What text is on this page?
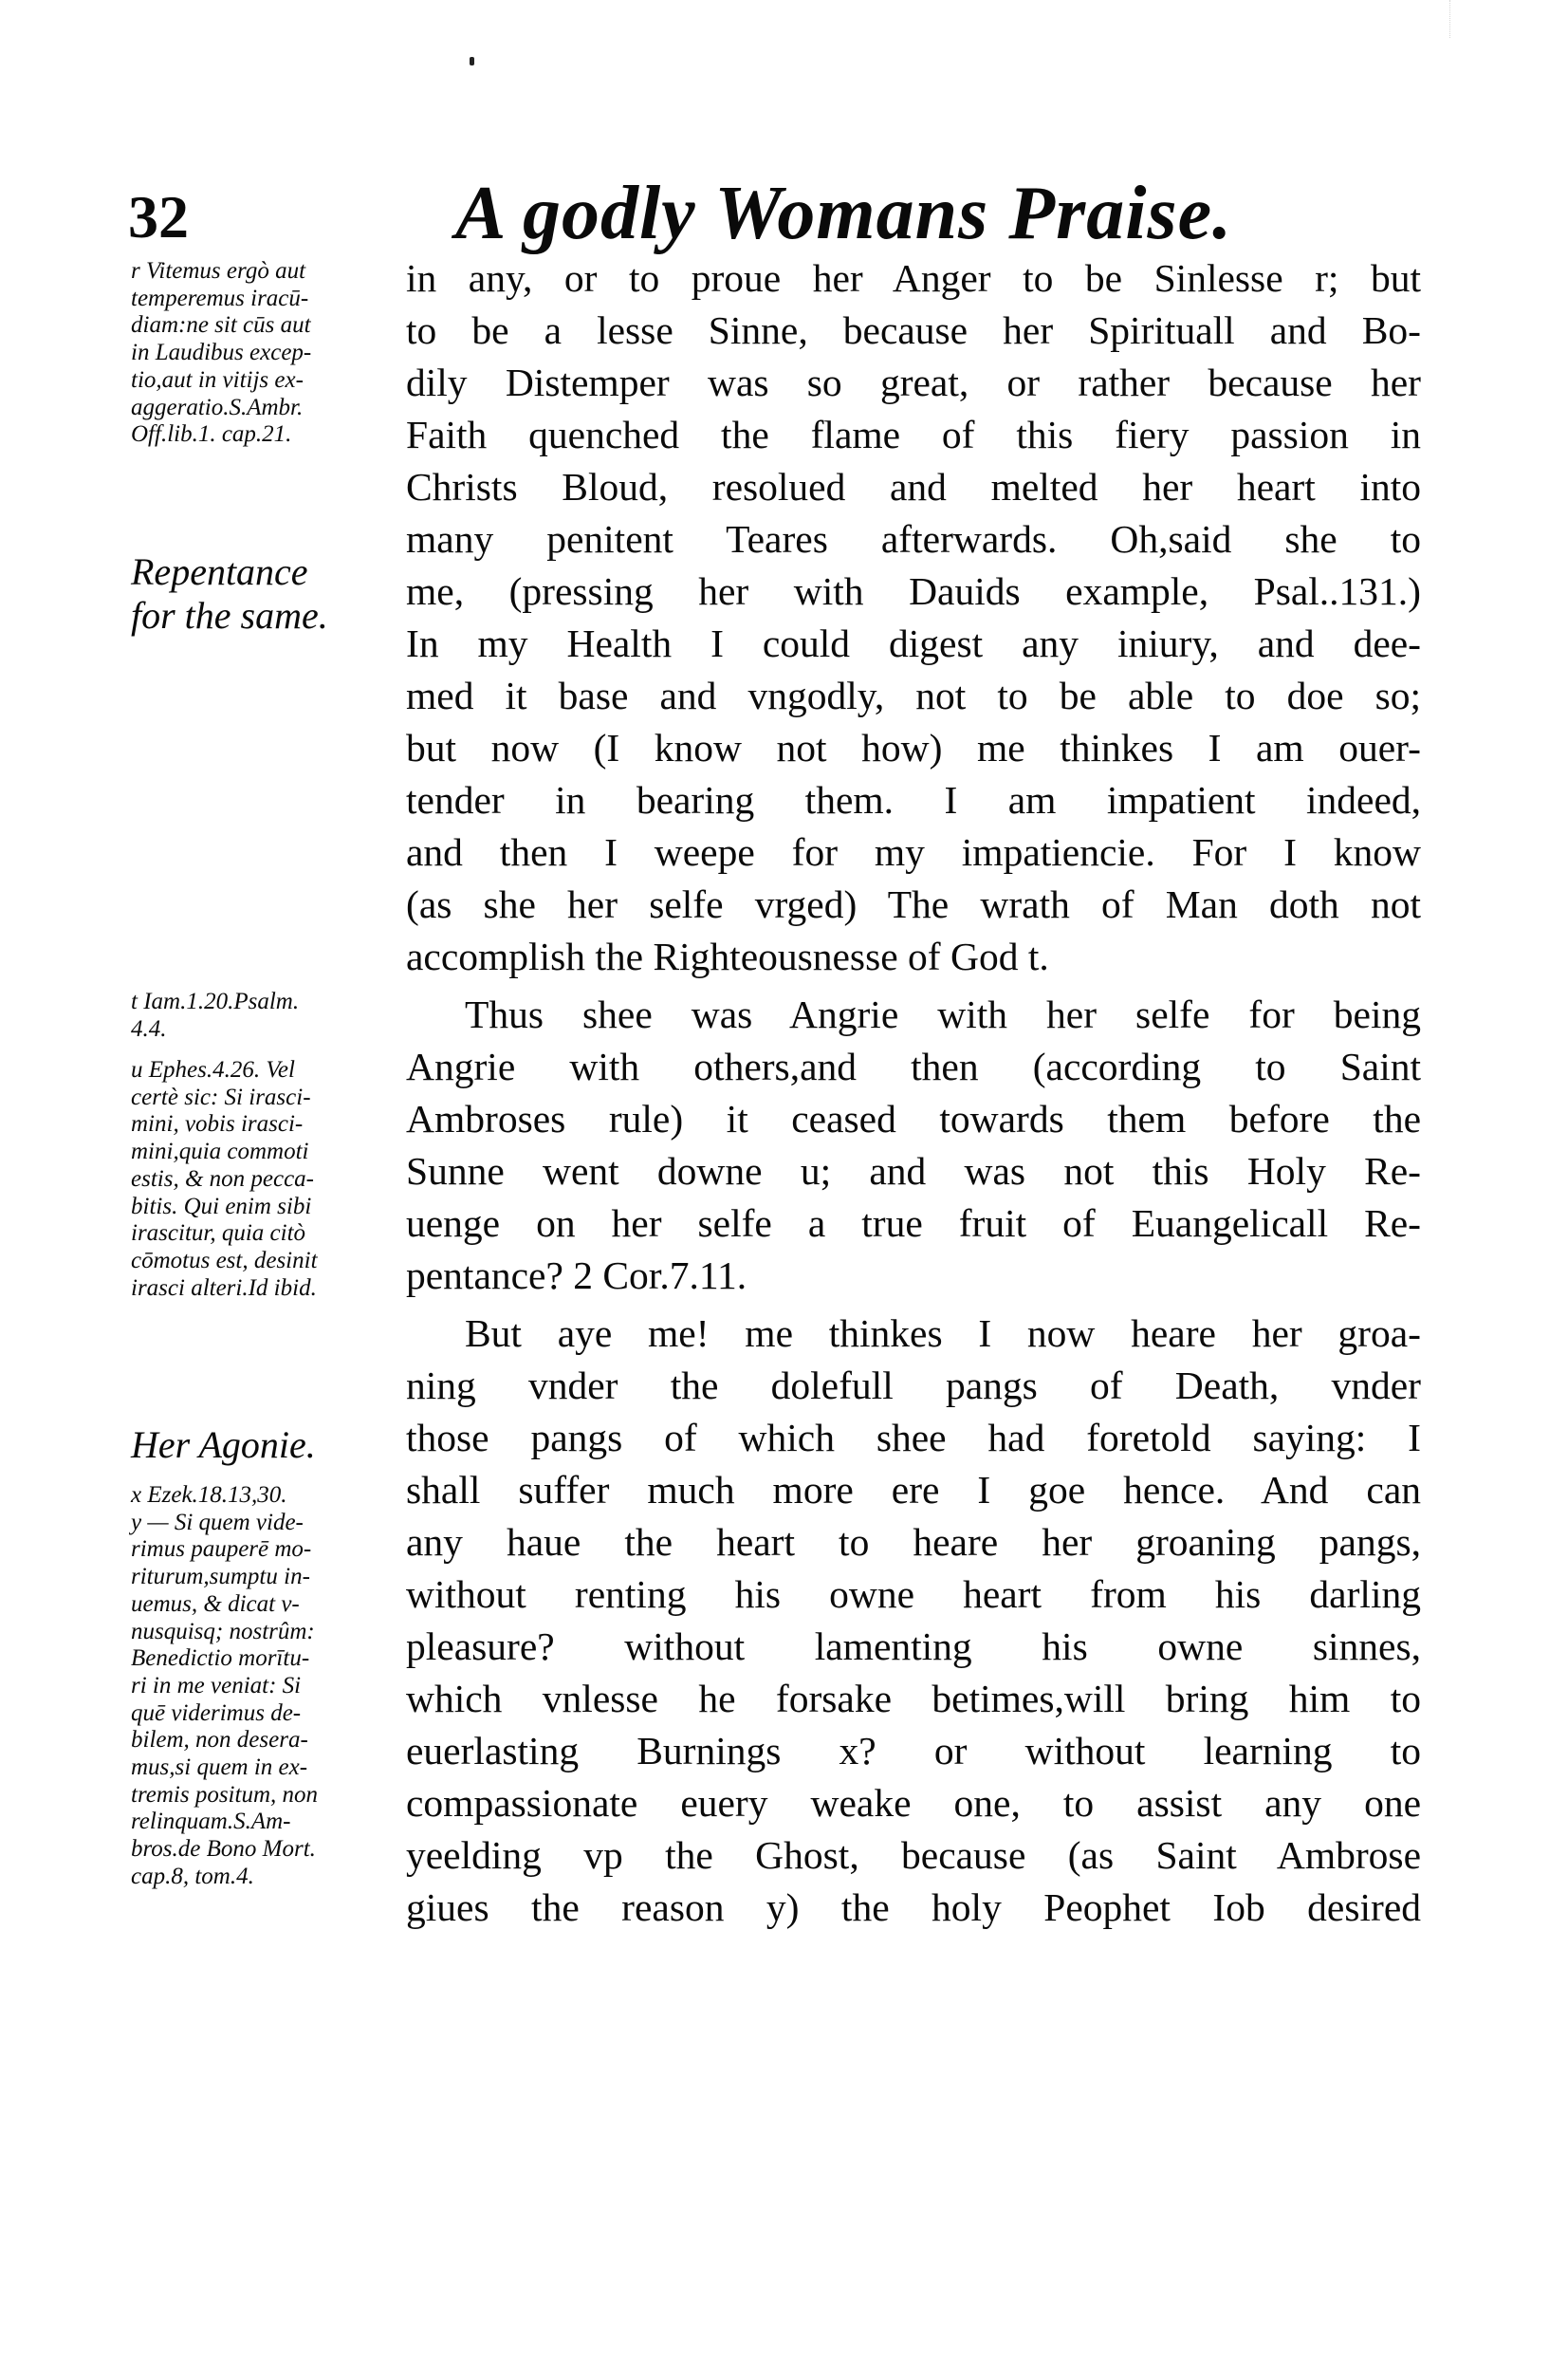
32	A godly Womans Praise.

r Vitemus ergò aut
temperemus iracū-
diam:ne sit cūs aut
in Laudibus excep-
tio,aut in vitijs ex-
aggeratio.S.Ambr.
Off.lib.1. cap.21.

Repentance
for the same.

t Iam.1.20.Psalm.
4.4.

u Ephes.4.26. Vel
certè sic: Si irasci-
mini, vobis irasci-
mini,quia commoti
estis, & non pecca-
bitis. Qui enim sibi
irascitur, quia citò
cōmotus est, desinit
irasci alteri.Id ibid.

Her Agonie.

x Ezek.18.13,30.
y — Si quem vide-
rimus pauperē mo-
riturum,sumptu in-
uemus, & dicat v-
nusquisq; nostrûm:
Benedictio morītu-
ri in me veniat: Si
quē viderimus de-
bilem, non desera-
mus,si quem in ex-
tremis positum, non
relinquam.S.Am-
bros.de Bono Mort.
cap.8, tom.4.

in any, or to proue her Anger to be Sinlesse r; but
to be a lesse Sinne, because her Spirituall and Bo-
dily Distemper was so great, or rather because her
Faith quenched the flame of this fiery passion in
Christs Bloud, resolued and melted her heart into
many penitent Teares afterwards. Oh,said she to
me, (pressing her with Dauids example, Psal..131.)
In my Health I could digest any iniury, and dee-
med it base and vngodly, not to be able to doe so;
but now (I know not how) me thinkes I am ouer-
tender in bearing them. I am impatient indeed,
and then I weepe for my impatiencie. For I know
(as she her selfe vrged) The wrath of Man doth not
accomplish the Righteousnesse of God t.
Thus shee was Angrie with her selfe for being
Angrie with others,and then (according to Saint
Ambroses rule) it ceased towards them before the
Sunne went downe u; and was not this Holy Re-
uenge on her selfe a true fruit of Euangelicall Re-
pentance? 2 Cor.7.11.
But aye me! me thinkes I now heare her groa-
ning vnder the dolefull pangs of Death, vnder
those pangs of which shee had foretold saying: I
shall suffer much more ere I goe hence. And can
any haue the heart to heare her groaning pangs,
without renting his owne heart from his darling
pleasure? without lamenting his owne sinnes,
which vnlesse he forsake betimes,will bring him to
euerlasting Burnings x? or without learning to
compassionate euery weake one, to assist any one
yeelding vp the Ghost, because (as Saint Ambrose
giues the reason y) the holy Peophet Iob desired
